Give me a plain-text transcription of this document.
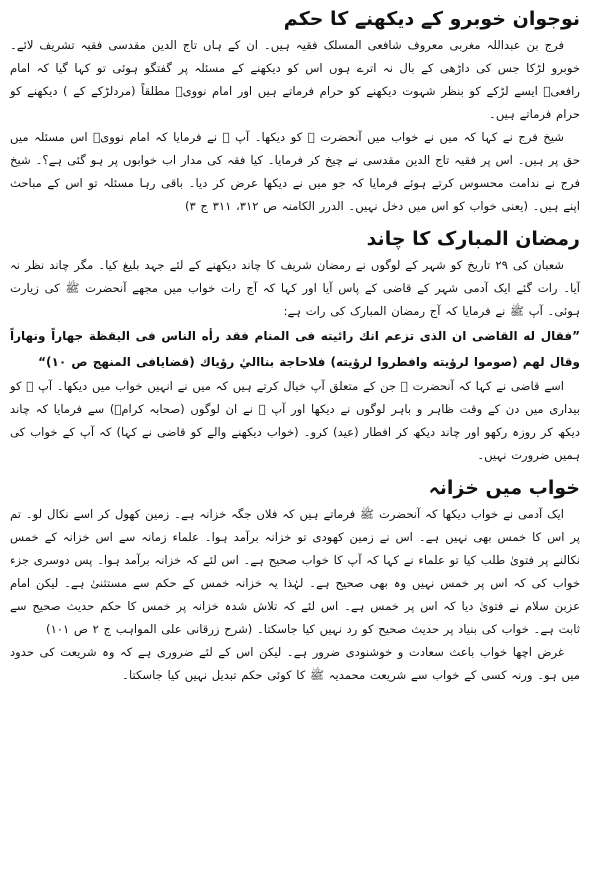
نوجوان خوبرو کے دیکھنے کا حکم

فرج بن عبداللہ مغربی معروف شافعی المسلک فقیہ ہیں۔ ان کے ہاں تاج الدین مقدسی فقیہ تشریف لائے۔ خوبرو لڑکا جس کی داڑھی کے بال نہ اترے ہوں اس کو دیکھنے کے مسئلہ پر گفتگو ہوئی تو کہا گیا کہ امام رافعیؒ ایسے لڑکے کو بنظر شہوت دیکھنے کو حرام فرماتے ہیں اور امام نوویؒ مطلقاً (مردلڑکے کے ) دیکھنے کو حرام فرماتے ہیں۔

شیخ فرج نے کہا کہ میں نے خواب میں آنحضرت ﷺ کو دیکھا۔ آپ ﷺ نے فرمایا کہ امام نوویؒ اس مسئلہ میں حق پر ہیں۔ اس پر فقیہ تاج الدین مقدسی نے چیخ کر فرمایا۔ کیا فقہ کی مدار اب خوابوں پر ہو گئی ہے؟۔ شیخ فرج نے ندامت محسوس کرتے ہوئے فرمایا کہ جو میں نے دیکھا عرض کر دیا۔ باقی رہا مسئلہ تو اس کے مباحث اپنے ہیں۔ (یعنی خواب کو اس میں دخل نہیں۔ الدرر الکامنہ ص ۳۱۲، ۳۱۱ ج ۳)

رمضان المبارک کا چاند

شعبان کی ۲۹ تاریخ کو شہر کے لوگوں نے رمضان شریف کا چاند دیکھنے کے لئے جہد بلیغ کیا۔ مگر چاند نظر نہ آیا۔ رات گئے ایک آدمی شہر کے قاضی کے پاس آیا اور کہا کہ آج رات خواب میں مجھے آنحضرت ﷺ کی زیارت ہوئی۔ آپ ﷺ نے فرمایا کہ آج رمضان المبارک کی رات ہے:

”فقال له القاضی ان الذی تزعم انك رائيته فی المنام فقد رأه الناس فی اليقظة جهاراً ونهاراً وقال لهم (صوموا لرؤيته وافطروا لرؤيته) فلاحاجة بنااليٰ رؤياك (قضايافی المنهج ص ۱۰)“

اسے قاضی نے کہا کہ آنحضرت ﷺ جن کے متعلق آپ خیال کرتے ہیں کہ میں نے انہیں خواب میں دیکھا۔ آپ ﷺ کو بیداری میں دن کے وقت ظاہر و باہر لوگوں نے دیکھا اور آپ ﷺ نے ان لوگوں (صحابہ کرامؓ) سے فرمایا کہ چاند دیکھ کر روزہ رکھو اور چاند دیکھ کر افطار (عید) کرو۔ (خواب دیکھنے والے کو قاضی نے کہا) کہ آپ کے خواب کی ہمیں ضرورت نہیں۔

خواب میں خزانہ

ایک آدمی نے خواب دیکھا کہ آنحضرت ﷺ فرماتے ہیں کہ فلاں جگہ خزانہ ہے۔ زمین کھول کر اسے نکال لو۔ تم پر اس کا خمس بھی نہیں ہے۔ اس نے زمین کھودی تو خزانہ برآمد ہوا۔ علماء زمانہ سے اس خزانہ کے خمس نکالنے پر فتویٰ طلب کیا تو علماء نے کہا کہ آپ کا خواب صحیح ہے۔ اس لئے کہ خزانہ برآمد ہوا۔ پس دوسری جزء خواب کی کہ اس پر خمس نہیں وہ بھی صحیح ہے۔ لہٰذا یہ خزانہ خمس کے حکم سے مستثنیٰ ہے۔ لیکن امام عزبن سلام نے فتویٰ دیا کہ اس پر خمس ہے۔ اس لئے کہ تلاش شدہ خزانہ پر خمس کا حکم حدیث صحیح سے ثابت ہے۔ خواب کی بنیاد پر حدیث صحیح کو رد نہیں کیا جاسکتا۔ (شرح زرقانی علی المواہب ج ۲ ص ۱۰۱)

غرض اچھا خواب باعث سعادت و خوشنودی ضرور ہے۔ لیکن اس کے لئے ضروری ہے کہ وہ شریعت کی حدود میں ہو۔ ورنہ کسی کے خواب سے شریعت محمدیہ ﷺ کا کوئی حکم تبدیل نہیں کیا جاسکتا۔
